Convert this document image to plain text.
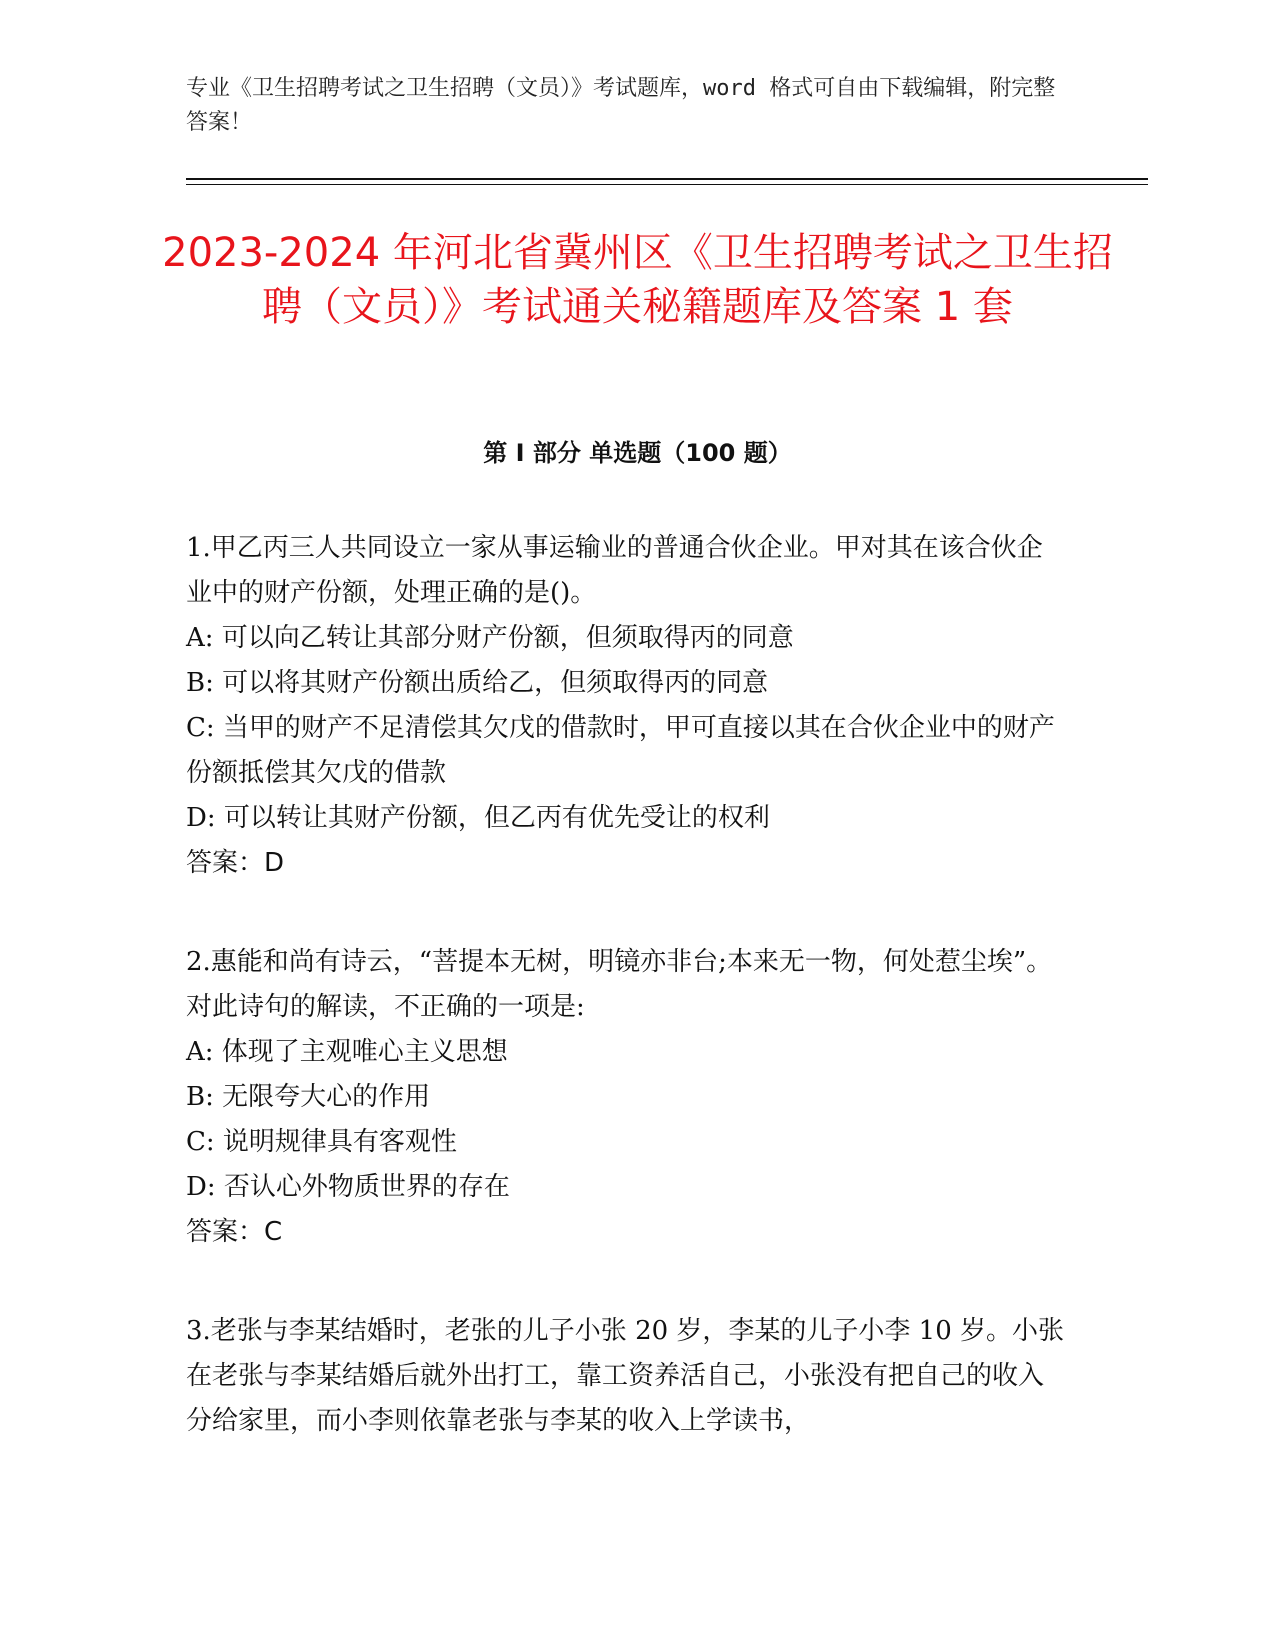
专业《卫生招聘考试之卫生招聘（文员）》考试题库，word 格式可自由下载编辑，附完整答案！
2023-2024 年河北省冀州区《卫生招聘考试之卫生招聘（文员）》考试通关秘籍题库及答案 1 套
第 I 部分 单选题（100 题）
1.甲乙丙三人共同设立一家从事运输业的普通合伙企业。甲对其在该合伙企业中的财产份额，处理正确的是()。
A: 可以向乙转让其部分财产份额，但须取得丙的同意
B: 可以将其财产份额出质给乙，但须取得丙的同意
C: 当甲的财产不足清偿其欠戊的借款时，甲可直接以其在合伙企业中的财产份额抵偿其欠戊的借款
D: 可以转让其财产份额，但乙丙有优先受让的权利
答案：D
2.惠能和尚有诗云，“菩提本无树，明镜亦非台;本来无一物，何处惹尘埃”。对此诗句的解读，不正确的一项是:
A: 体现了主观唯心主义思想
B: 无限夸大心的作用
C: 说明规律具有客观性
D: 否认心外物质世界的存在
答案：C
3.老张与李某结婚时，老张的儿子小张 20 岁，李某的儿子小李 10 岁。小张在老张与李某结婚后就外出打工，靠工资养活自己，小张没有把自己的收入分给家里，而小李则依靠老张与李某的收入上学读书，
